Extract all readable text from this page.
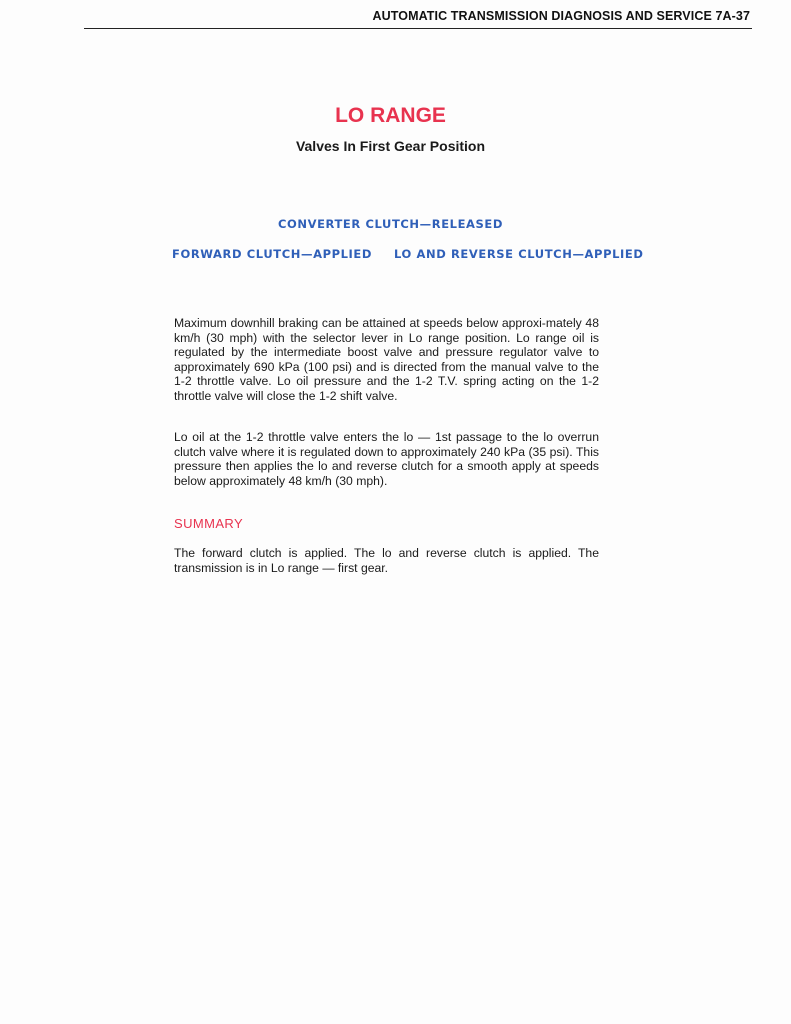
AUTOMATIC TRANSMISSION DIAGNOSIS AND SERVICE 7A-37
LO RANGE
Valves In First Gear Position
CONVERTER CLUTCH—RELEASED
FORWARD CLUTCH—APPLIED LO AND REVERSE CLUTCH—APPLIED

Maximum downhill braking can be attained at speeds below approxi-mately 48 km/h (30 mph) with the selector lever in Lo range position. Lo range oil is regulated by the intermediate boost valve and pressure regulator valve to approximately 690 kPa (100 psi) and is directed from the manual valve to the 1-2 throttle valve. Lo oil pressure and the 1-2 T.V. spring acting on the 1-2 throttle valve will close the 1-2 shift valve.

Lo oil at the 1-2 throttle valve enters the lo — 1st passage to the lo overrun clutch valve where it is regulated down to approximately 240 kPa (35 psi). This pressure then applies the lo and reverse clutch for a smooth apply at speeds below approximately 48 km/h (30 mph).

SUMMARY

The forward clutch is applied. The lo and reverse clutch is applied. The transmission is in Lo range — first gear.
